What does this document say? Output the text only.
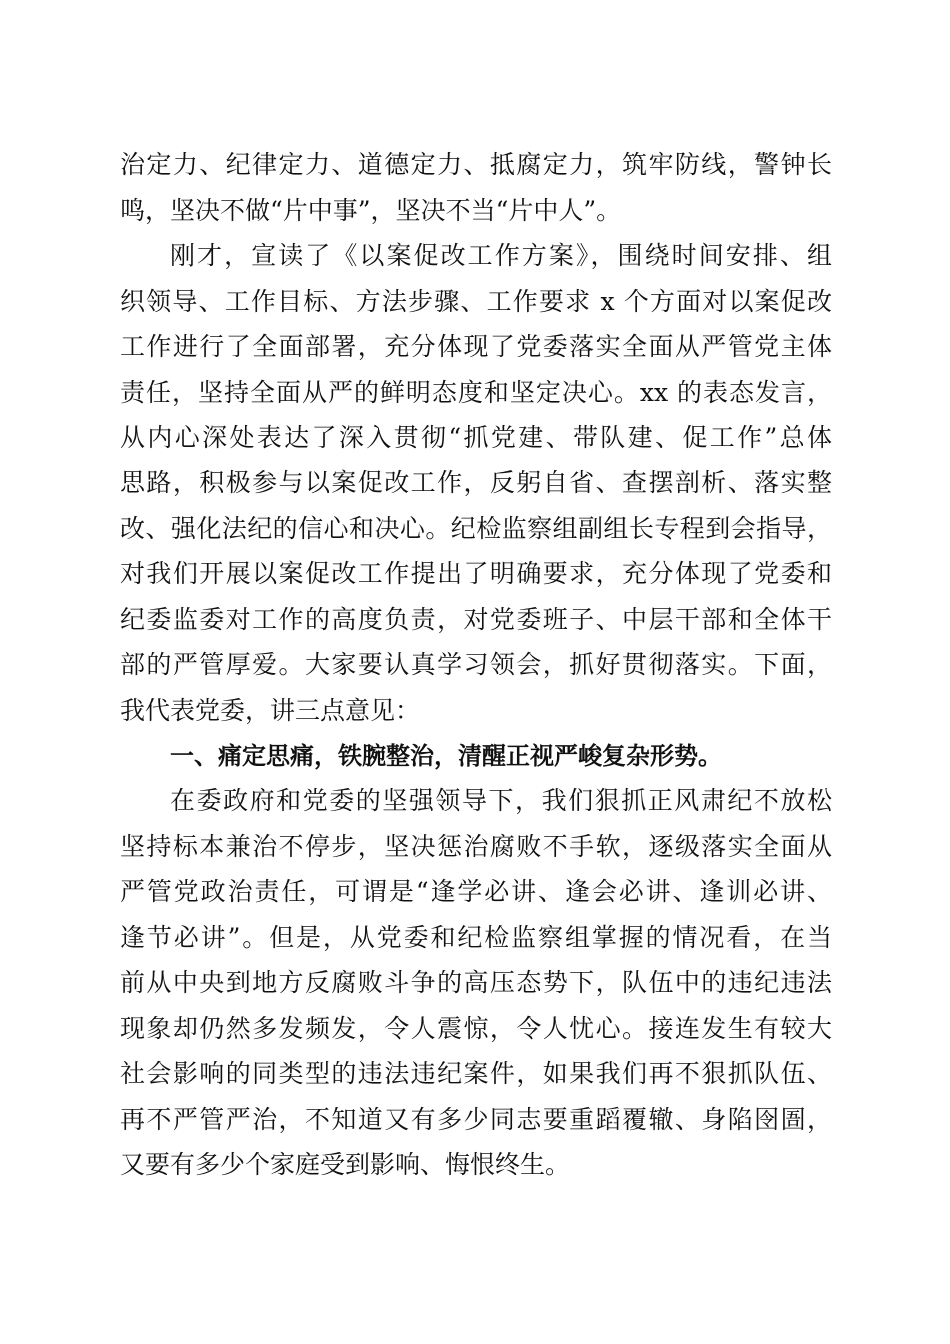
治定力、纪律定力、道德定力、抵腐定力，筑牢防线，警钟长
鸣，坚决不做“片中事”，坚决不当“片中人”。
刚才，宣读了《以案促改工作方案》，围绕时间安排、组
织领导、工作目标、方法步骤、工作要求 x 个方面对以案促改
工作进行了全面部署，充分体现了党委落实全面从严管党主体
责任，坚持全面从严的鲜明态度和坚定决心。xx 的表态发言，
从内心深处表达了深入贯彻“抓党建、带队建、促工作”总体
思路，积极参与以案促改工作，反躬自省、查摆剖析、落实整
改、强化法纪的信心和决心。纪检监察组副组长专程到会指导，
对我们开展以案促改工作提出了明确要求，充分体现了党委和
纪委监委对工作的高度负责，对党委班子、中层干部和全体干
部的严管厚爱。大家要认真学习领会，抓好贯彻落实。下面，
我代表党委，讲三点意见：
一、痛定思痛，铁腕整治，清醒正视严峻复杂形势。
在委政府和党委的坚强领导下，我们狠抓正风肃纪不放松
坚持标本兼治不停步，坚决惩治腐败不手软，逐级落实全面从
严管党政治责任，可谓是“逢学必讲、逢会必讲、逢训必讲、
逢节必讲”。但是，从党委和纪检监察组掌握的情况看，在当
前从中央到地方反腐败斗争的高压态势下，队伍中的违纪违法
现象却仍然多发频发，令人震惊，令人忧心。接连发生有较大
社会影响的同类型的违法违纪案件，如果我们再不狠抓队伍、
再不严管严治，不知道又有多少同志要重蹈覆辙、身陷囹圄，
又要有多少个家庭受到影响、悔恨终生。
